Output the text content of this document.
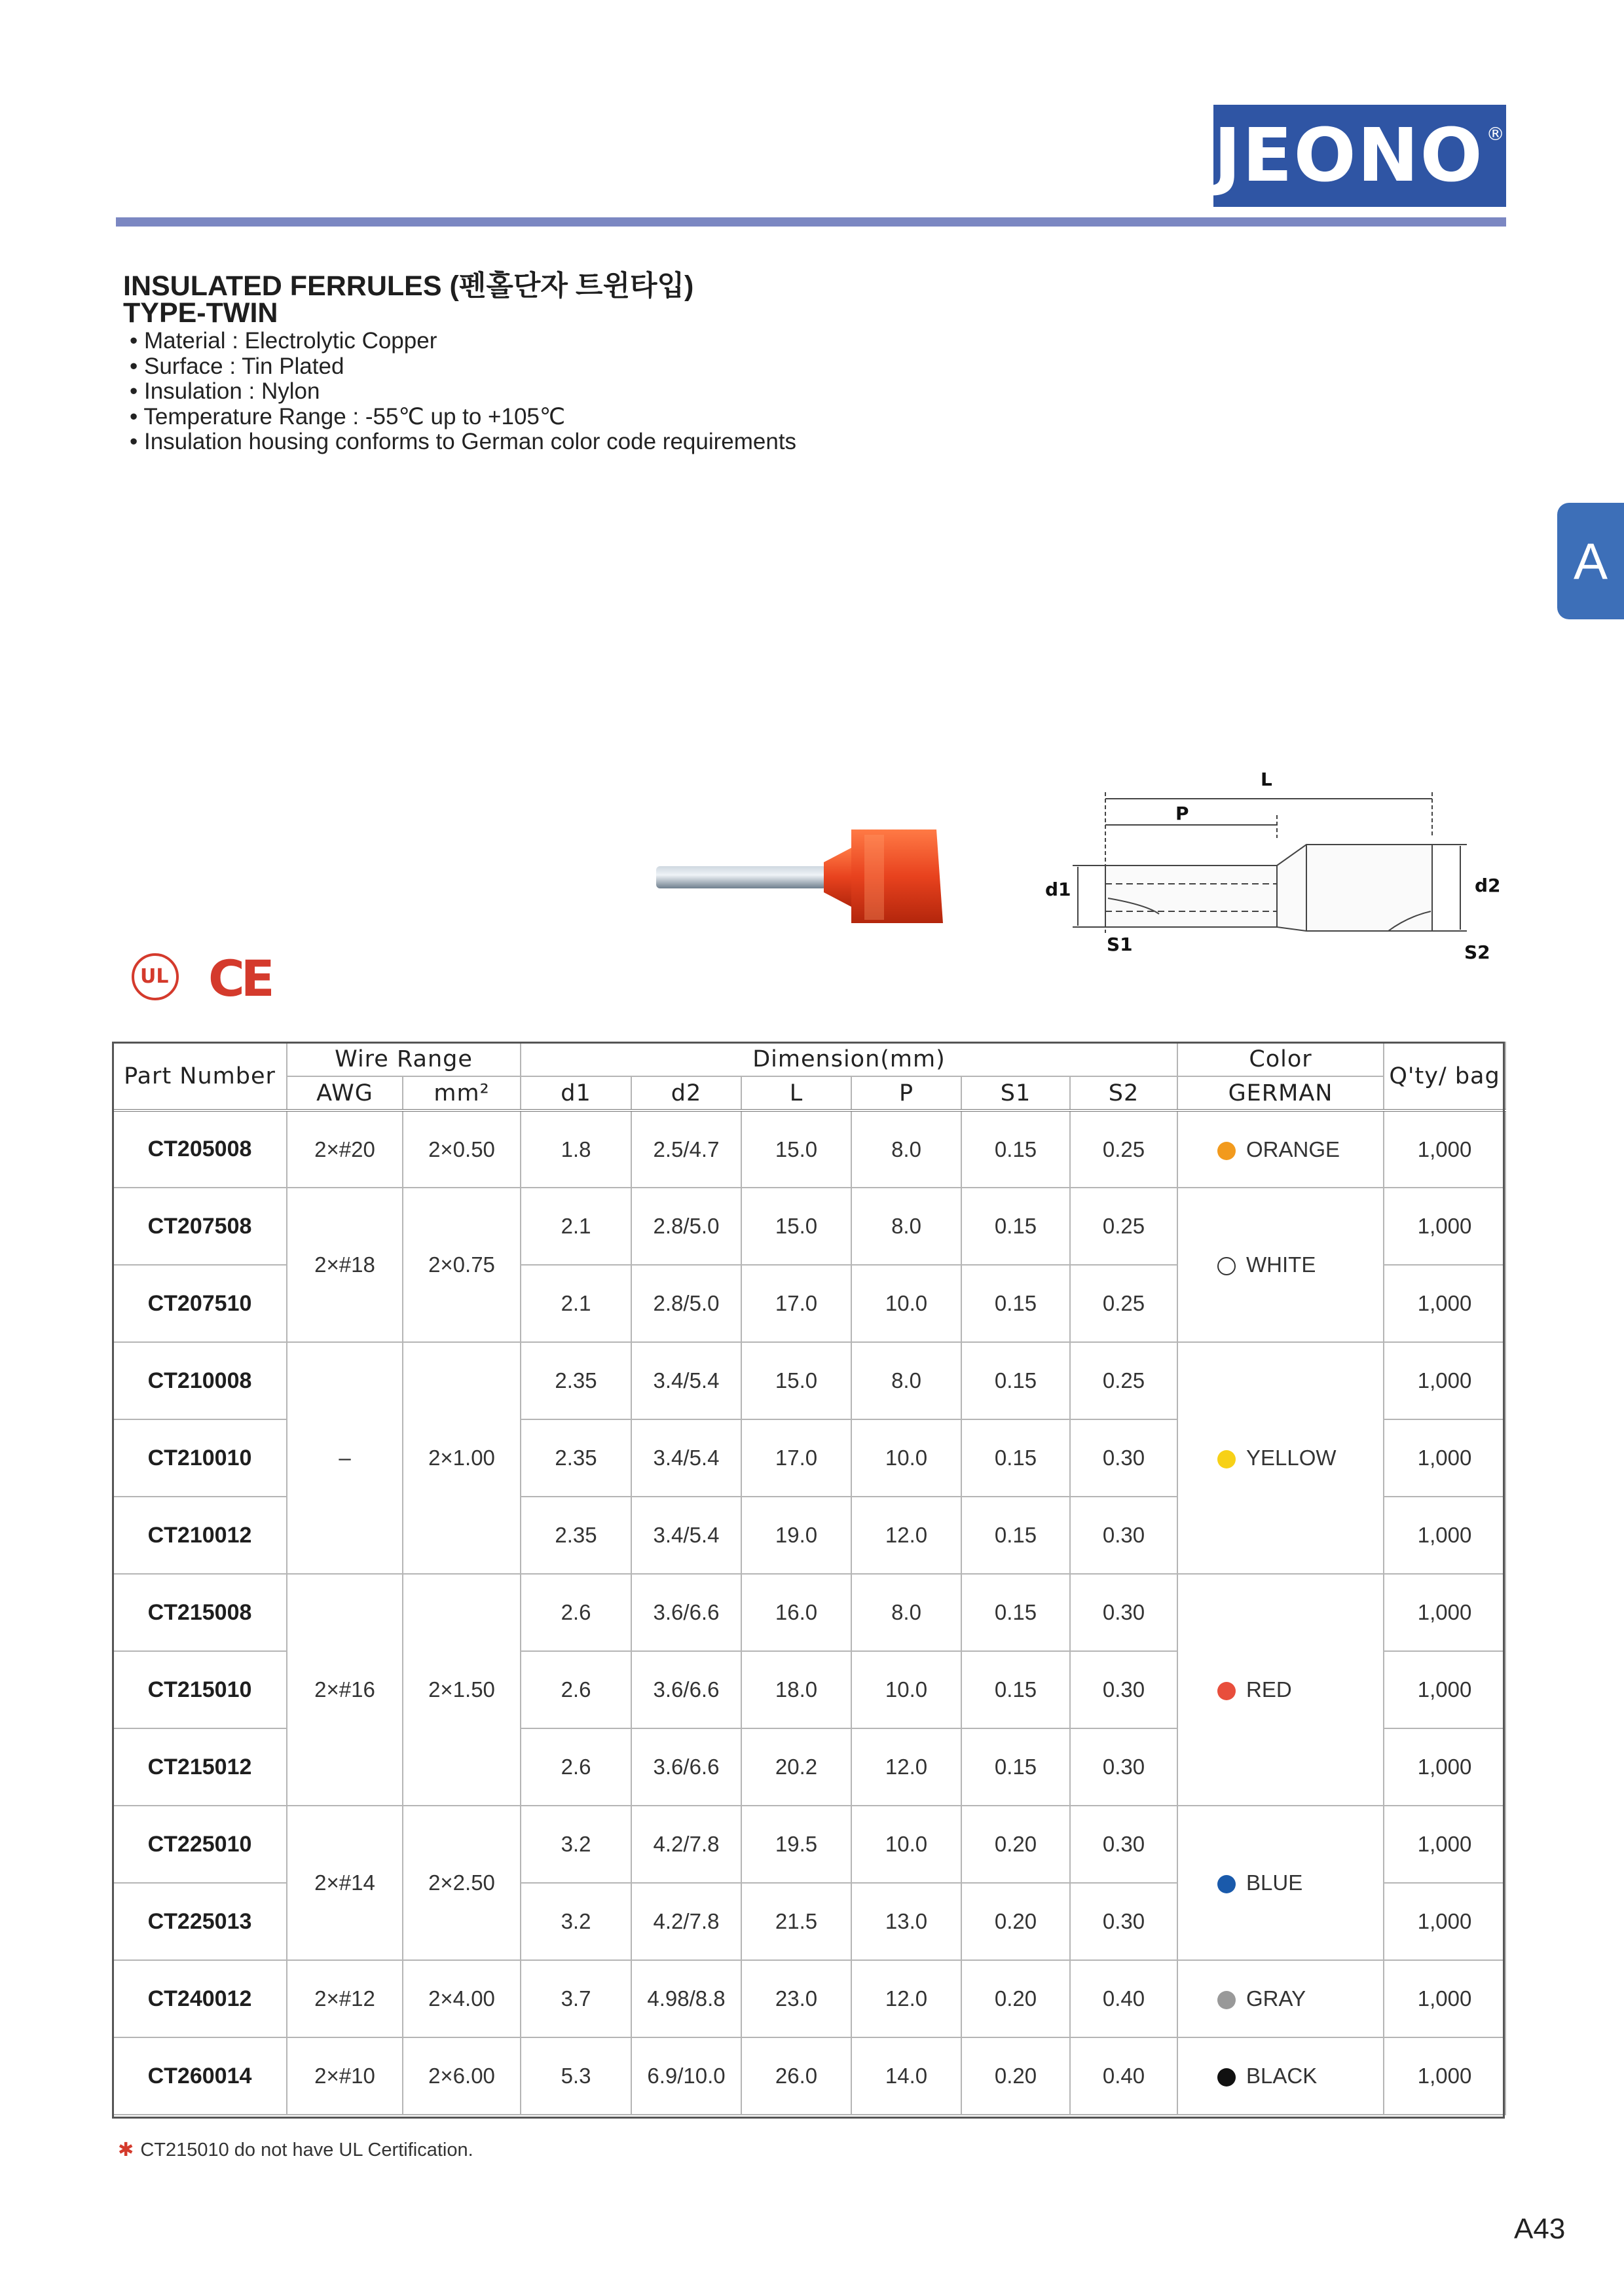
JEONO ®
INSULATED FERRULES (펜홀단자 트윈타입)
TYPE-TWIN
• Material : Electrolytic Copper
• Surface : Tin Plated
• Insulation : Nylon
• Temperature Range : -55℃ up to +105℃
• Insulation housing conforms to German color code requirements
A
L
P
d1	d2
S1	S2
UL CE
Part Number	Wire Range		Dimension(mm)						Color	Q'ty/ bag
	AWG	mm²	d1	d2	L	P	S1	S2	GERMAN	
CT205008	2×#20	2×0.50	1.8	2.5/4.7	15.0	8.0	0.15	0.25	ORANGE	1,000
CT207508	2×#18	2×0.75	2.1	2.8/5.0	15.0	8.0	0.15	0.25	WHITE	1,000
CT207510			2.1	2.8/5.0	17.0	10.0	0.15	0.25		1,000
CT210008	–	2×1.00	2.35	3.4/5.4	15.0	8.0	0.15	0.25	YELLOW	1,000
CT210010			2.35	3.4/5.4	17.0	10.0	0.15	0.30		1,000
CT210012			2.35	3.4/5.4	19.0	12.0	0.15	0.30		1,000
CT215008	2×#16	2×1.50	2.6	3.6/6.6	16.0	8.0	0.15	0.30	RED	1,000
CT215010			2.6	3.6/6.6	18.0	10.0	0.15	0.30		1,000
CT215012			2.6	3.6/6.6	20.2	12.0	0.15	0.30		1,000
CT225010	2×#14	2×2.50	3.2	4.2/7.8	19.5	10.0	0.20	0.30	BLUE	1,000
CT225013			3.2	4.2/7.8	21.5	13.0	0.20	0.30		1,000
CT240012	2×#12	2×4.00	3.7	4.98/8.8	23.0	12.0	0.20	0.40	GRAY	1,000
CT260014	2×#10	2×6.00	5.3	6.9/10.0	26.0	14.0	0.20	0.40	BLACK	1,000
✱ CT215010 do not have UL Certification.
A43
